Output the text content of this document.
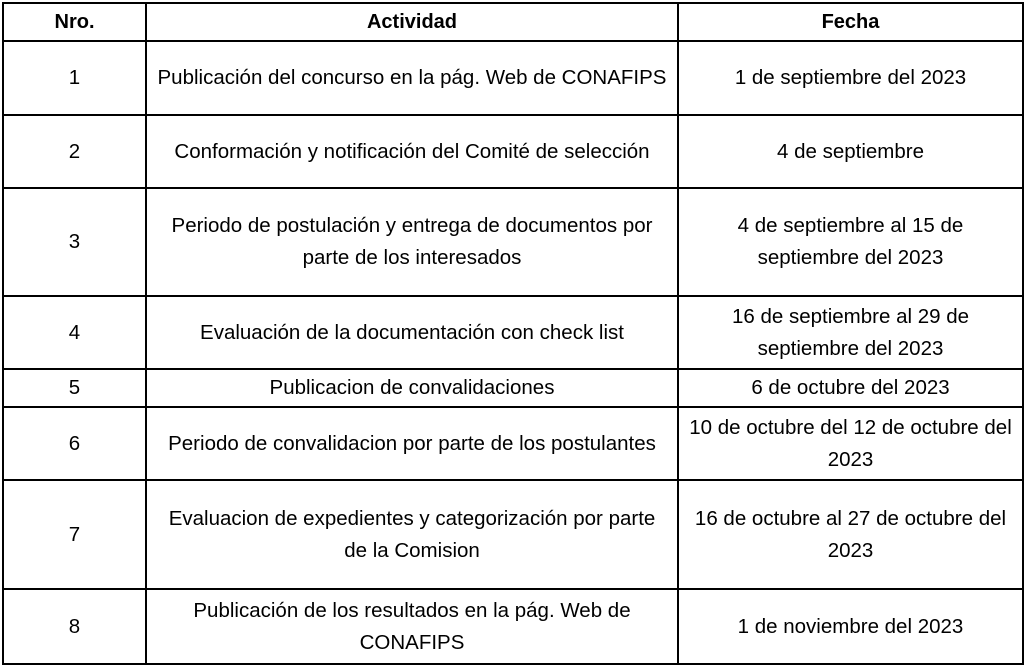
Nro.	Actividad	Fecha
1	Publicación del concurso en la pág. Web de CONAFIPS	1 de septiembre del 2023
2	Conformación y notificación del Comité de selección	4 de septiembre
3	Periodo de postulación y entrega de documentos por parte de los interesados	4 de septiembre al 15 de septiembre del 2023
4	Evaluación de la documentación con check list	16 de septiembre al 29 de septiembre del 2023
5	Publicacion de convalidaciones	6 de octubre del 2023
6	Periodo de convalidacion por parte de los postulantes	10 de octubre del 12 de octubre del 2023
7	Evaluacion de expedientes y categorización por parte de la Comision	16 de octubre al 27 de octubre del 2023
8	Publicación de los resultados en la pág. Web de CONAFIPS	1 de noviembre del 2023
